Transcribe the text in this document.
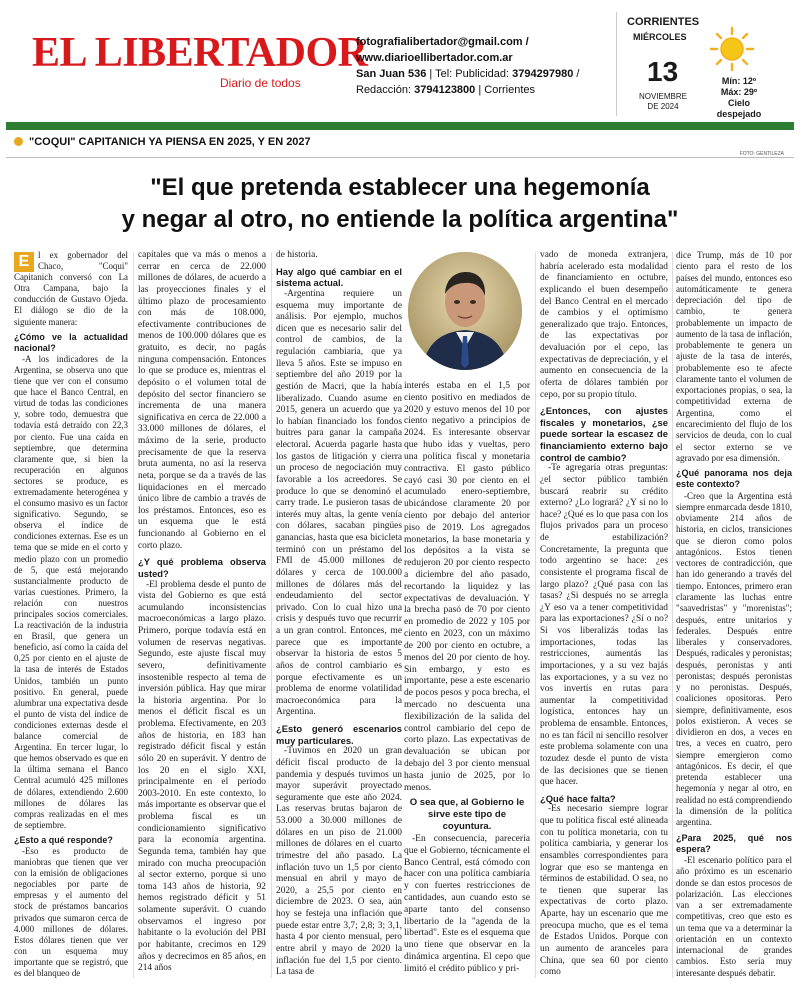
EL LIBERTADOR
Diario de todos
fotografialibertador@gmail.com /
www.diarioellibertador.com.ar
San Juan 536 | Tel: Publicidad: 3794297980 /
Redacción: 3794123800 | Corrientes
CORRIENTES
MIÉRCOLES
13
NOVIEMBRE
DE 2024
Mín: 12º
Máx: 29º
Cielo
despejado
"COQUI" CAPITANICH YA PIENSA EN 2025, Y EN 2027
FOTO: GENTILEZA
"El que pretenda establecer una hegemonía
y negar al otro, no entiende la política argentina"

E l ex gobernador del Chaco, "Coqui" Capitanich conversó con La Otra Campana, bajo la conducción de Gustavo Ojeda. El diálogo se dio de la siguiente manera:

¿Cómo ve la actualidad nacional?

-A los indicadores de la Argentina, se observa uno que tiene que ver con el consumo que hace el Banco Central, en virtud de todas las condiciones y, sobre todo, demuestra que todavía está detraído con 22,3 por ciento. Fue una caída en septiembre, que determina claramente que, si bien la recuperación en algunos sectores se produce, es extremadamente heterogénea y el consumo masivo es un factor significativo. Segundo, se observa el índice de condiciones externas. Ese es un tema que se mide en el corto y medio plazo con un promedio de 5, que está mejorando sustancialmente producto de varias cuestiones. Primero, la relación con nuestros principales socios comerciales. La reactivación de la industria en Brasil, que genera un beneficio, así como la caída del 0,25 por ciento en el ajuste de la tasa de interés de Estados Unidos, también un punto positivo. En general, puede alumbrar una expectativa desde el punto de vista del índice de condiciones externas desde el balance comercial de Argentina. En tercer lugar, lo que hemos observado es que en la última semana el Banco Central acumuló 425 millones de dólares, extendiendo 2.600 millones de dólares las compras realizadas en el mes de septiembre.

¿Esto a qué responde?

-Eso es producto de maniobras que tienen que ver con la emisión de obligaciones negociables por parte de empresas y el aumento del stock de préstamos bancarios privados que sumaron cerca de 4.000 millones de dólares. Estos dólares tienen que ver con un esquema muy importante que se registró, que es del blanqueo de

capitales que va más o menos a cerrar en cerca de 22.000 millones de dólares, de acuerdo a las proyecciones finales y el último plazo de procesamiento con más de 108.000, efectivamente contribuciones de menos de 100.000 dólares que es gratuito, es decir, no pagás ninguna compensación. Entonces lo que se produce es, mientras el depósito o el volumen total de depósito del sector financiero se incrementa de una manera significativa en cerca de 22.000 a 33.000 millones de dólares, el máximo de la serie, producto precisamente de que la reserva bruta aumenta, no así la reserva neta, porque se da a través de las liquidaciones en el mercado único libre de cambio a través de los préstamos. Entonces, eso es un esquema que le está funcionando al Gobierno en el corto plazo.

¿Y qué problema observa usted?

-El problema desde el punto de vista del Gobierno es que está acumulando inconsistencias macroeconómicas a largo plazo. Primero, porque todavía está en volumen de reservas negativas. Segundo, este ajuste fiscal muy severo, definitivamente insostenible respecto al tema de inversión pública. Hay que mirar la historia argentina. Por lo menos el déficit fiscal es un problema. Efectivamente, en 203 años de historia, en 183 han registrado déficit fiscal y están sólo 20 en superávit. Y dentro de los 20 en el siglo XXI, principalmente en el período 2003-2010. En este contexto, lo más importante es observar que el problema fiscal es un condicionamiento significativo para la economía argentina. Segunda tema, también hay que mirado con mucha preocupación al sector externo, porque si uno toma 143 años de historia, 92 hemos registrado déficit y 51 solamente superávit. O cuando observamos el ingreso por habitante o la evolución del PBI por habitante, crecimos en 129 años y decrecimos en 85 años, en 214 años

de historia.

Hay algo qué cambiar en el sistema actual.

-Argentina requiere un esquema muy importante de análisis. Por ejemplo, muchos dicen que es necesario salir del control de cambios, de la regulación cambiaria, que ya lleva 5 años. Este se impuso en septiembre del año 2019 por la gestión de Macri, que la había liberalizado. Cuando asume en 2015, genera un acuerdo que ya lo habían financiado los fondos buitres para ganar la campaña electoral. Acuerda pagarle hasta los gastos de litigación y cierra un proceso de negociación muy favorable a los acreedores. Se produce lo que se denominó el carry trade. Le pusieron tasas de interés muy altas, la gente venía con dólares, sacaban pingües ganancias, hasta que esa bicicleta terminó con un préstamo del FMI de 45.000 millones de dólares y cerca de 100.000 millones de dólares más del endeudamiento del sector privado. Con lo cual hizo una crisis y después tuvo que recurrir a un gran control. Entonces, me parece que es importante observar la historia de estos 5 años de control cambiario es porque efectivamente es un problema de enorme volatilidad macroeconómica para la Argentina.

¿Esto generó escenarios muy particulares.

-Tuvimos en 2020 un gran déficit fiscal producto de la pandemia y después tuvimos un mayor superávit proyectado seguramente que este año 2024. Las reservas brutas bajaron de 53.000 a 30.000 millones de dólares en un piso de 21.000 millones de dólares en el cuarto trimestre del año pasado. La inflación tuvo un 1,5 por ciento mensual en abril y mayo de 2020, a 25,5 por ciento en diciembre de 2023. O sea, aún hoy se festeja una inflación que puede estar entre 3,7; 2,8; 3; 3,1, hasta 4 por ciento mensual, pero entre abril y mayo de 2020 la inflación fue del 1,5 por ciento. La tasa de

interés estaba en el 1,5 por ciento positivo en mediados de 2020 y estuvo menos del 10 por ciento negativo a principios de 2024. Es interesante observar que hubo idas y vueltas, pero una política fiscal y monetaria contractiva. El gasto público cayó casi 30 por ciento en el acumulado enero-septiembre, ubicándose claramente 20 por ciento por debajo del anterior piso de 2019. Los agregados monetarios, la base monetaria y los depósitos a la vista se redujeron 20 por ciento respecto a diciembre del año pasado, recortando la liquidez y las expectativas de devaluación. Y la brecha pasó de 70 por ciento en promedio de 2022 y 105 por ciento en 2023, con un máximo de 200 por ciento en octubre, a menos del 20 por ciento de hoy. Sin embargo, y esto es importante, pese a este escenario de pocos pesos y poca brecha, el mercado no descuenta una flexibilización de la salida del control cambiario del cepo de corto plazo. Las expectativas de devaluación se ubican por debajo del 3 por ciento mensual hasta junio de 2025, por lo menos.

O sea que, al Gobierno le sirve este tipo de coyuntura.

-En consecuencia, parecería que el Gobierno, técnicamente el Banco Central, está cómodo con hacer con una política cambiaria y con fuertes restricciones de cantidades, aun cuando esto se aparte tanto del consenso libertario de la "agenda de la libertad". Este es el esquema que uno tiene que observar en la dinámica argentina. El cepo que limitó el crédito público y pri-

vado de moneda extranjera, habría acelerado esta modalidad de financiamiento en octubre, explicando el buen desempeño del Banco Central en el mercado de cambios y el optimismo generalizado que trajo. Entonces, de las expectativas por devaluación por el cepo, las expectativas de depreciación, y el aumento en consecuencia de la oferta de dólares también por cepo, por su propio título.

¿Entonces, con ajustes fiscales y monetarios, ¿se puede sortear la escasez de financiamiento externo bajo control de cambio?

-Te agregaría otras preguntas: ¿el sector público también buscará reabrir su crédito externo? ¿Lo logrará? ¿Y si no lo hace? ¿Qué es lo que pasa con los flujos privados para un proceso de estabilización? Concretamente, la pregunta que todo argentino se hace: ¿es consistente el programa fiscal de largo plazo? ¿Qué pasa con las tasas? ¿Si después no se arregla ¿Y eso va a tener competitividad para las exportaciones? ¿Sí o no? Si vos liberalizás todas las importaciones, todas las restricciones, aumentás las importaciones, y a su vez bajás las exportaciones, y a su vez no vos invertís en rutas para aumentar la competitividad logística, entonces hay un problema de ensamble. Entonces, no es tan fácil ni sencillo resolver este problema solamente con una tozudez desde el punto de vista de las decisiones que se tienen que hacer.

¿Qué hace falta?

-Es necesario siempre lograr que tu política fiscal esté alineada con tu política monetaria, con tu política cambiaria, y generar los ensambles correspondientes para lograr que eso se mantenga en términos de estabilidad. O sea, no te tienen que superar las expectativas de corto plazo. Aparte, hay un escenario que me preocupa mucho, que es el tema de Estados Unidos. Porque con un aumento de aranceles para China, que sea 60 por ciento como

dice Trump, más de 10 por ciento para el resto de los países del mundo, entonces eso automáticamente te genera depreciación del tipo de cambio, te genera probablemente un impacto de aumento de la tasa de inflación, probablemente te genera un ajuste de la tasa de interés, probablemente eso te afecte claramente tanto el volumen de exportaciones propias, o sea, la competitividad externa de Argentina, como el encarecimiento del flujo de los servicios de deuda, con lo cual el sector externo se ve agravado por esa dimensión.

¿Qué panorama nos deja este contexto?

-Creo que la Argentina está siempre enmarcada desde 1810, obviamente 214 años de historia, en ciclos, transiciones que se dieron como polos antagónicos. Estos tienen vectores de contradicción, que han ido generando a través del tiempo. Entonces, primero eran claramente las luchas entre "saavedristas" y "morenistas"; después, entre unitarios y federales. Después entre liberales y conservadores. Después, radicales y peronistas; después, peronistas y anti peronistas; después peronistas y no peronistas. Después, coaliciones opositoras. Pero siempre, definitivamente, esos polos existieron. A veces se dividieron en dos, a veces en tres, a veces en cuatro, pero siempre emergieron como antagónicos. Es decir, el que pretenda establecer una hegemonía y negar al otro, en realidad no está comprendiendo la dimensión de la política argentina.

¿Para 2025, qué nos espera?

-El escenario político para el año próximo es un escenario donde se dan estos procesos de polarización. Las elecciones van a ser extremadamente competitivas, creo que esto es un tema que va a determinar la orientación en un contexto internacional de grandes cambios. Esto sería muy interesante después debatir.
